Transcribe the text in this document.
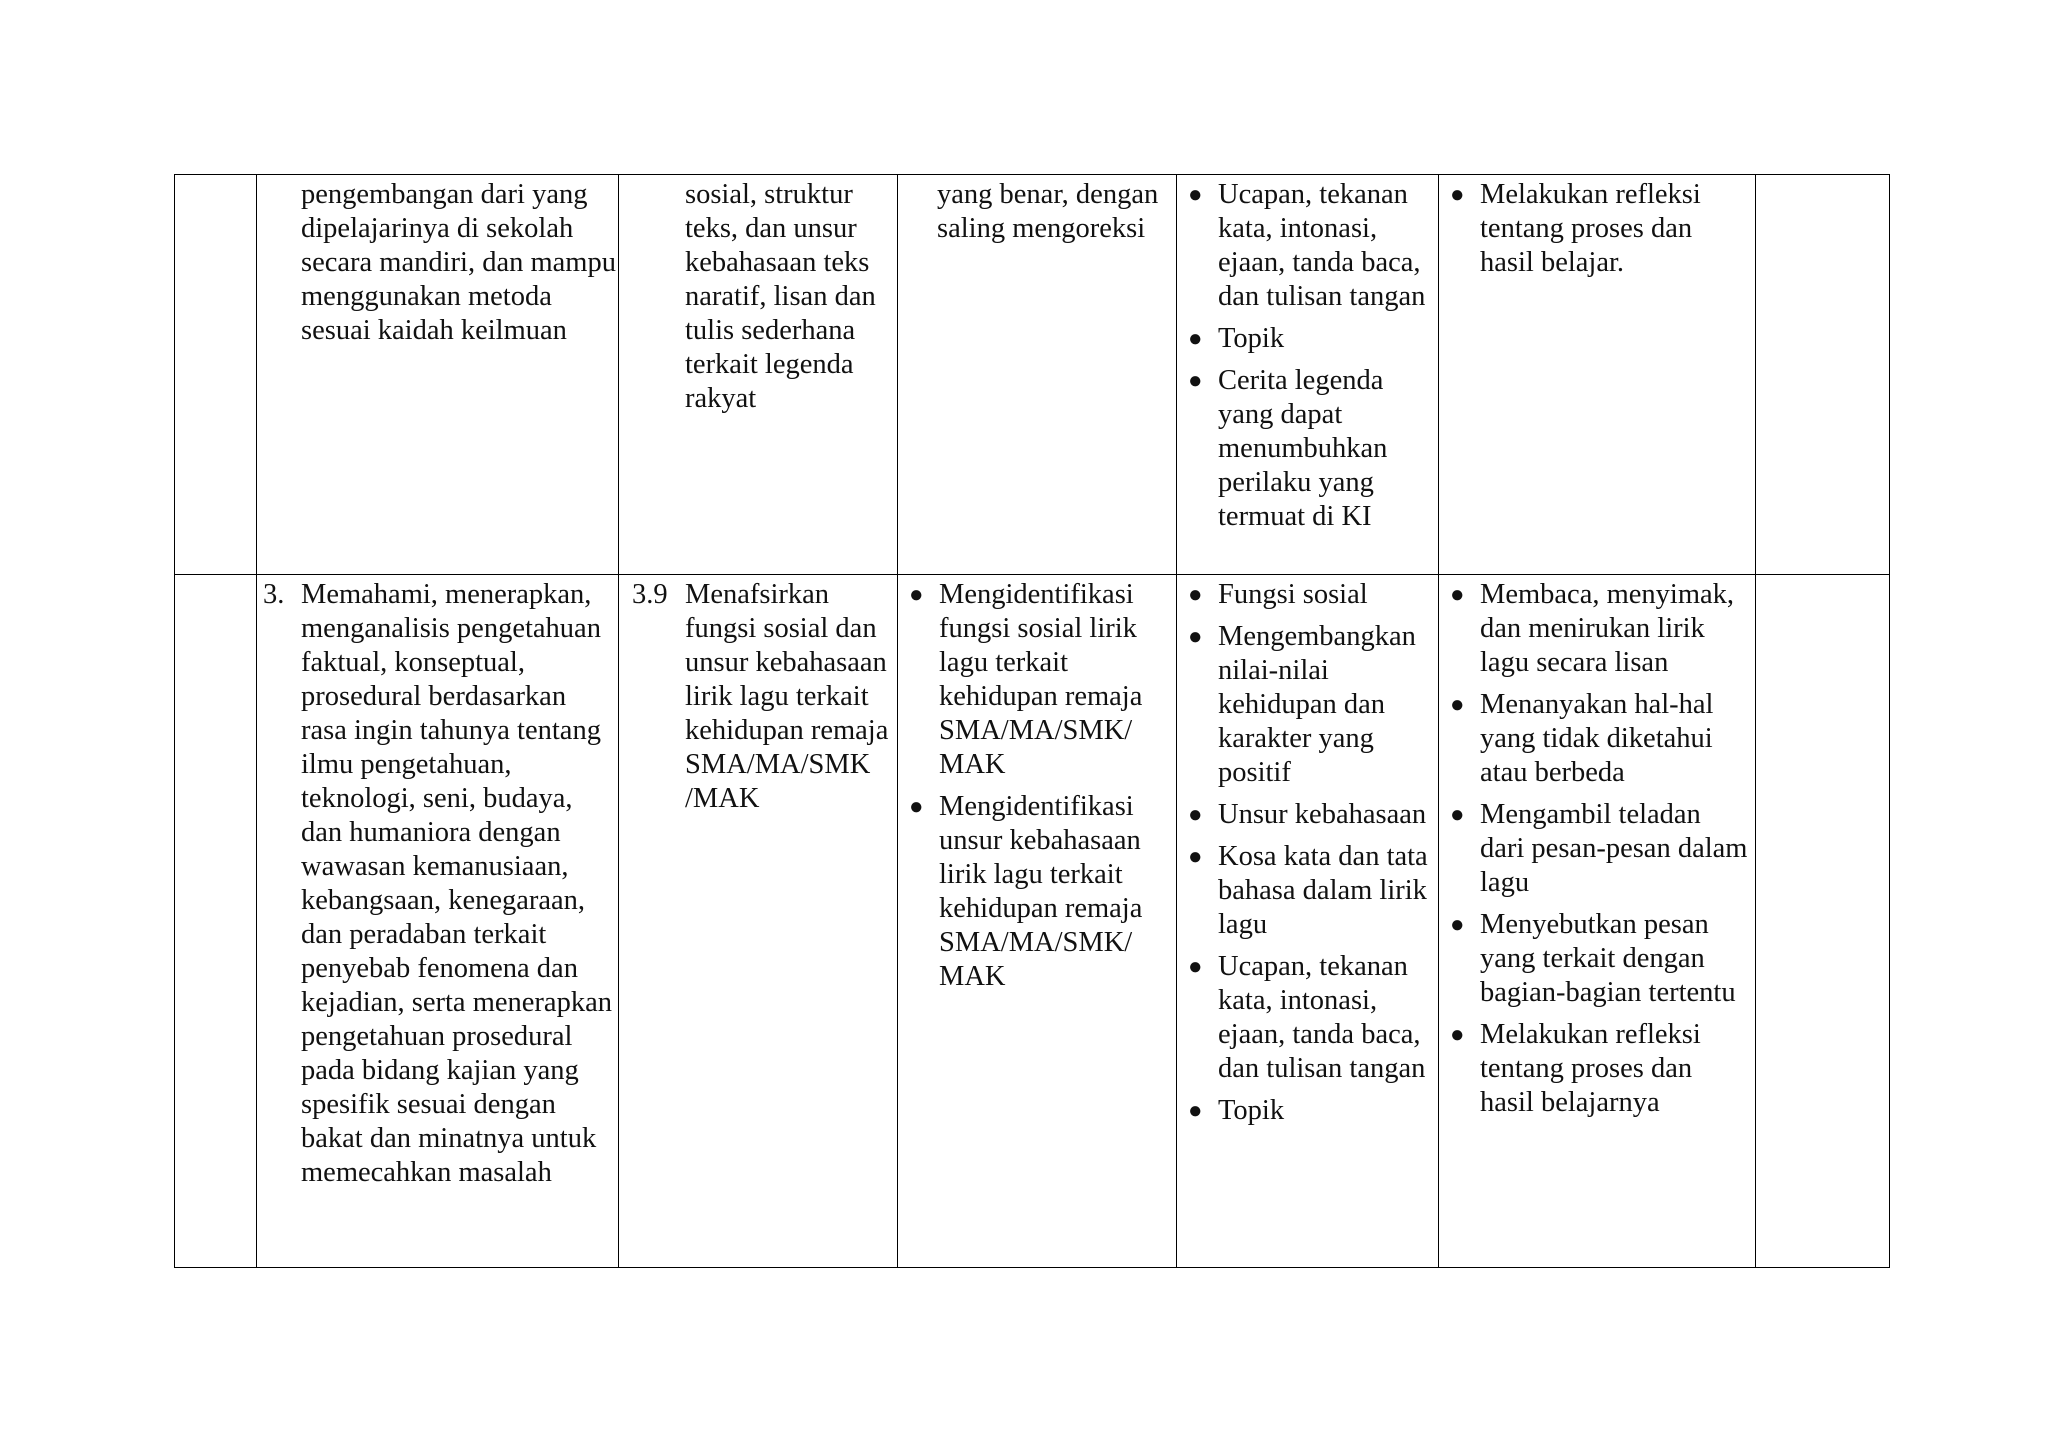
pengembangan dari yang dipelajarinya di sekolah secara mandiri, dan mampu menggunakan metoda sesuai kaidah keilmuan

sosial, struktur teks, dan unsur kebahasaan teks naratif, lisan dan tulis sederhana terkait legenda rakyat

yang benar, dengan saling mengoreksi

● Ucapan, tekanan kata, intonasi, ejaan, tanda baca, dan tulisan tangan
● Topik
● Cerita legenda yang dapat menumbuhkan perilaku yang termuat di KI
● Melakukan refleksi tentang proses dan hasil belajar.
3. Memahami, menerapkan, menganalisis pengetahuan faktual, konseptual, prosedural berdasarkan rasa ingin tahunya tentang ilmu pengetahuan, teknologi, seni, budaya, dan humaniora dengan wawasan kemanusiaan, kebangsaan, kenegaraan, dan peradaban terkait penyebab fenomena dan kejadian, serta menerapkan pengetahuan prosedural pada bidang kajian yang spesifik sesuai dengan bakat dan minatnya untuk memecahkan masalah

3.9 Menafsirkan fungsi sosial dan unsur kebahasaan lirik lagu terkait kehidupan remaja SMA/MA/SMK /MAK

● Mengidentifikasi fungsi sosial lirik lagu terkait kehidupan remaja SMA/MA/SMK/ MAK
● Mengidentifikasi unsur kebahasaan lirik lagu terkait kehidupan remaja SMA/MA/SMK/ MAK
● Fungsi sosial
● Mengembangkan nilai-nilai kehidupan dan karakter yang positif
● Unsur kebahasaan
● Kosa kata dan tata bahasa dalam lirik lagu
● Ucapan, tekanan kata, intonasi, ejaan, tanda baca, dan tulisan tangan
● Topik
● Membaca, menyimak, dan menirukan lirik lagu secara lisan
● Menanyakan hal-hal yang tidak diketahui atau berbeda
● Mengambil teladan dari pesan-pesan dalam lagu
● Menyebutkan pesan yang terkait dengan bagian-bagian tertentu
● Melakukan refleksi tentang proses dan hasil belajarnya
